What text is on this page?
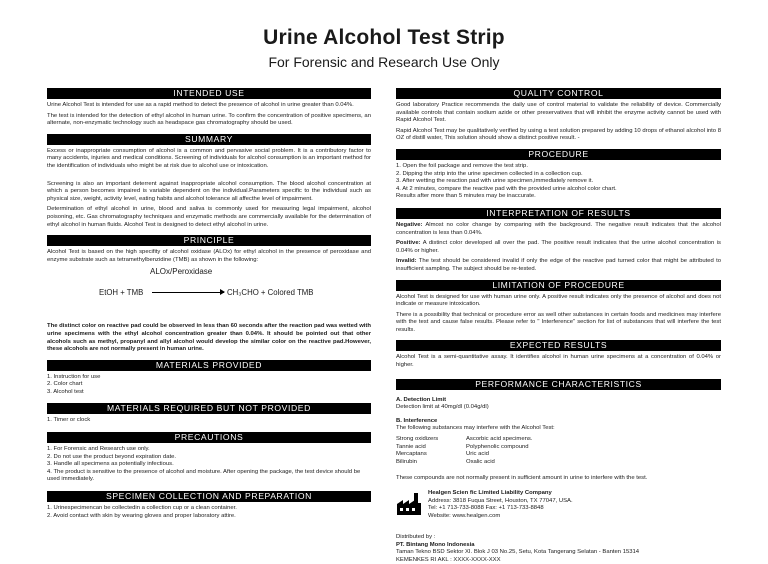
Urine Alcohol Test Strip
For Forensic and Research Use Only
INTENDED USE
Urine Alcohol Test is intended for use as a rapid method to detect the presence of alcohol in urine greater than 0.04%.
The test is intended for the detection of ethyl alcohol in human urine. To confirm the concentration of positive specimens, an alternate, non-enzymatic technology such as headspace gas chromatography should be used.
SUMMARY
Excess or inappropriate consumption of alcohol is a common and pervasive social problem. It is a contributory factor to many accidents, injuries and medical conditions. Screening of individuals for alcohol consumption is an important method for the identification of individuals who might be at risk due to alcohol use or intoxication.
Screening is also an important deterrent against inappropriate alcohol consumption. The blood alcohol concentration at which a person becomes impaired is variable dependent on the individual.Parameters specific to the individual such as physical size, weight, activity level, eating habits and alcohol tolerance all affecthe level of impairment.
Determination of ethyl alcohol in urine, blood and saliva is commonly used for measuring legal impairment, alcohol poisoning, etc. Gas chromatography techniques and enzymatic methods are commercially available for the determination of ethyl alcohol in human fluids. Alcohol Test is designed to detect ethyl alcohol in urine.
PRINCIPLE
Alcohol Test is based on the high specifity of alcohol oxidase (ALOx) for ethyl alcohol in the presence of peroxidase and enzyme substrate such as tetramethylbenzidine (TMB) as shown in the following:
ALOx/Peroxidase
EtOH + TMB	CH₃CHO + Colored TMB
The distinct color on reactive pad could be observed in less than 60 seconds after the reaction pad was wetted with urine specimens with the ethyl alcohol concentration greater than 0.04%. It should be pointed out that other alcohols such as methyl, propanyl and allyl alcohol would develop the similar color on the reactive pad.However, these alcohols are not normally present in human urine.
MATERIALS PROVIDED
1. Instruction for use
2. Color chart
3. Alcohol test
MATERIALS REQUIRED BUT NOT PROVIDED
1. Timer or clock
PRECAUTIONS
1. For Forensic and Research use only.
2. Do not use the product beyond expiration date.
3. Handle all specimens as potentially infectious.
4. The product is sensitive to the presence of alcohol and moisture. After opening the package, the test device should be used immediately.
SPECIMEN COLLECTION AND PREPARATION
1. Urinespecimencan be collectedin a collection cup or a clean container.
2. Avoid contact with skin by wearing gloves and proper laboratory attire.
QUALITY CONTROL
Good laboratory Practice recommends the daily use of control material to validate the reliability of device. Commercially available controls that contain sodium azide or other preservatives that will inhibit the enzyme activity cannot be used with Rapid Alcohol Test.
Rapid Alcohol Test may be qualitatively verified by using a test solution prepared by adding 10 drops of ethanol alcohol into 8 OZ of distill water, This solution should show a distinct positive result. -
PROCEDURE
1. Open the foil package and remove the test strip.
2. Dipping the strip into the urine specimen collected in a collection cup.
3. After wetting the reaction pad with urine specimen,immediately remove it.
4. At 2 minutes, compare the reactive pad with the provided urine alcohol color chart.
Results after more than 5 minutes may be inaccurate.
INTERPRETATION OF RESULTS
Negative: Almost no color change by comparing with the background. The negative result indicates that the alcohol concentration is less than 0.04%.
Positive: A distinct color developed all over the pad. The positive result indicates that the urine alcohol concentration is 0.04% or higher.
Invalid: The test should be considered invalid if only the edge of the reactive pad turned color that might be attributed to insufficient sampling. The subject should be re-tested.
LIMITATION OF PROCEDURE
Alcohol Test is designed for use with human urine only. A positive result indicates only the presence of alcohol and does not indicate or measure intoxication.
There is a possibility that technical or procedure error as well other substances in certain foods and medicines may interfere with the test and cause false results. Please refer to " Interference" section for list of substances that will interfere the test results.
EXPECTED RESULTS
Alcohol Test is a semi-quantitative assay. It identifies alcohol in human urine specimens at a concentration of 0.04% or higher.
PERFORMANCE CHARACTERISTICS
A. Detection Limit
Detection limit at 40mg/dl (0.04g/dl)
B. Interference
The following substances may interfere with the Alcohol Test:
Strong oxidizers	Ascorbic acid specimens.
Tannie acid	Polyphenolic compound
Mercaptans	Uric acid
Bilirubin	Oxalic acid
These compounds are not normally present in sufficient amount in urine to interfere with the test.
Healgen Scien fic Limited Liability Company
Address: 3818 Fuqua Street, Houston, TX 77047, USA.
Tel: +1 713-733-8088 Fax: +1 713-733-8848
Website: www.healgen.com
Distributed by :
PT. Bintang Mono Indonesia
Taman Tekno BSD Sektor XI. Blok J 03 No.25, Setu, Kota Tangerang Selatan - Banten 15314
KEMENKES RI AKL : XXXX-XXXX-XXX
